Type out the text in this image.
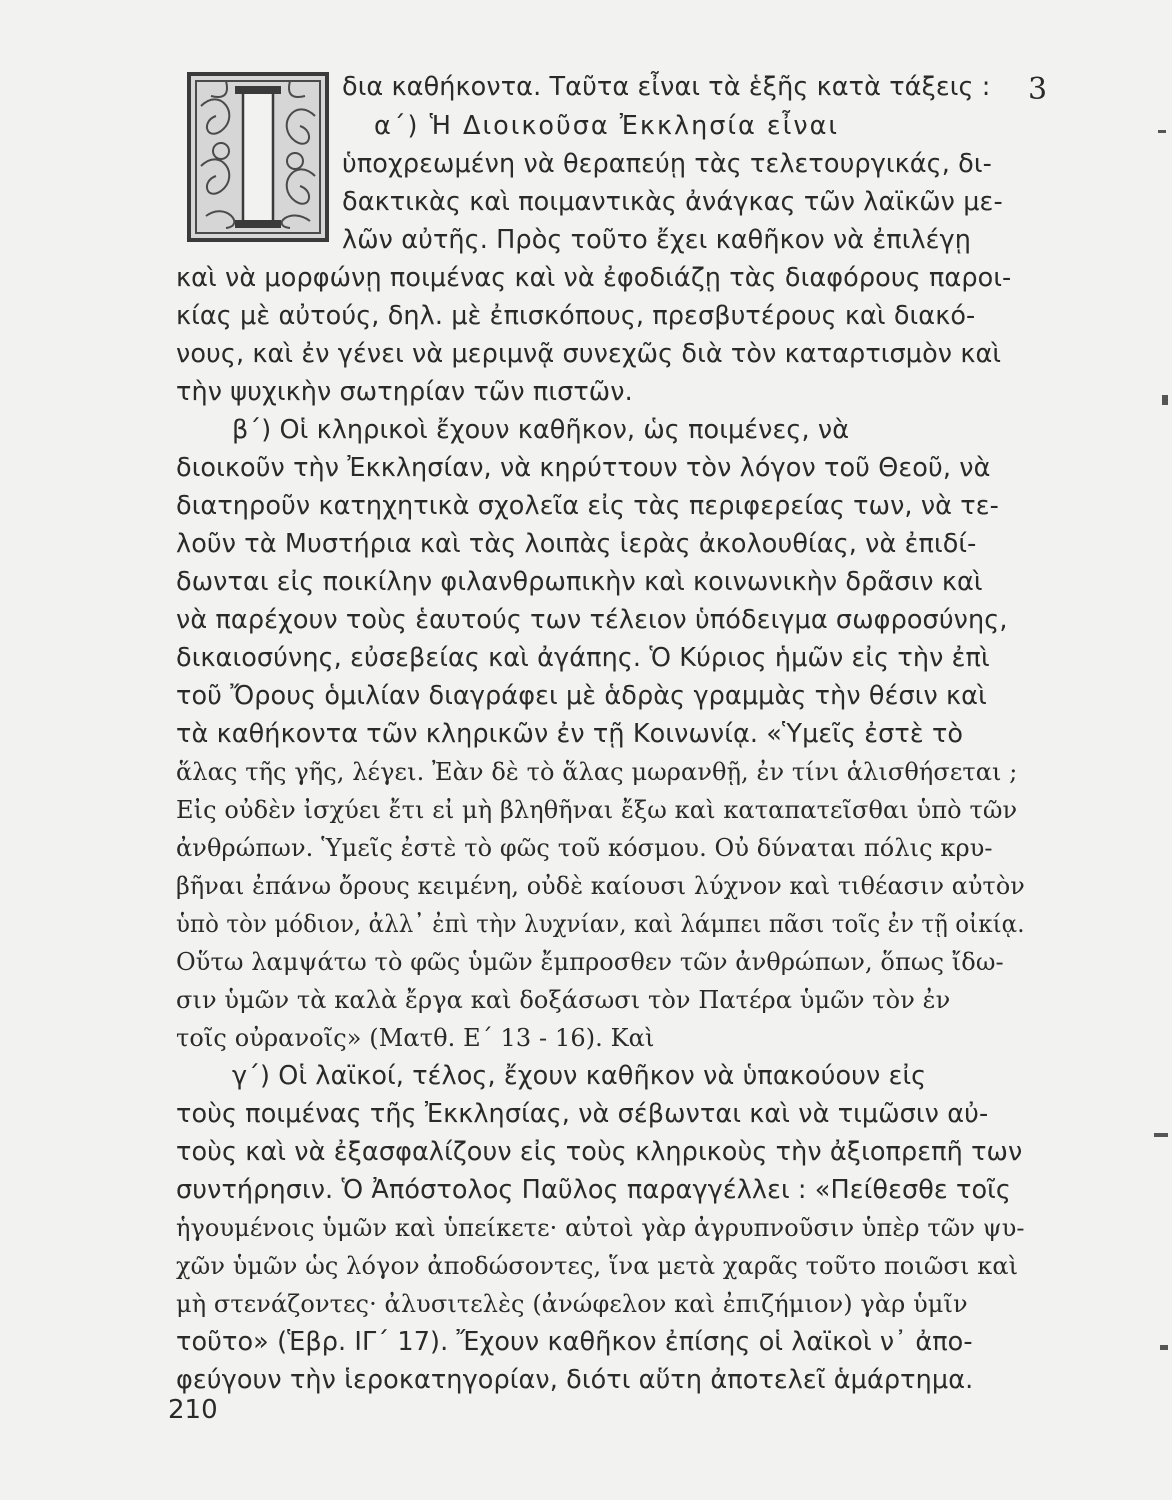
3
δια καθήκοντα. Ταῦτα εἶναι τὰ ἑξῆς κατὰ τάξεις :
α΄) Ἡ Διοικοῦσα Ἐκκλησία εἶναι
ὑποχρεωμένη νὰ θεραπεύῃ τὰς τελετουργικάς, δι-
δακτικὰς καὶ ποιμαντικὰς ἀνάγκας τῶν λαϊκῶν με-
λῶν αὐτῆς. Πρὸς τοῦτο ἔχει καθῆκον νὰ ἐπιλέγῃ
καὶ νὰ μορφώνῃ ποιμένας καὶ νὰ ἐφοδιάζῃ τὰς διαφόρους παροι-
κίας μὲ αὐτούς, δηλ. μὲ ἐπισκόπους, πρεσβυτέρους καὶ διακό-
νους, καὶ ἐν γένει νὰ μεριμνᾷ συνεχῶς διὰ τὸν καταρτισμὸν καὶ
τὴν ψυχικὴν σωτηρίαν τῶν πιστῶν.
β΄) Οἱ κληρικοὶ ἔχουν καθῆκον, ὡς ποιμένες, νὰ
διοικοῦν τὴν Ἐκκλησίαν, νὰ κηρύττουν τὸν λόγον τοῦ Θεοῦ, νὰ
διατηροῦν κατηχητικὰ σχολεῖα εἰς τὰς περιφερείας των, νὰ τε-
λοῦν τὰ Μυστήρια καὶ τὰς λοιπὰς ἱερὰς ἀκολουθίας, νὰ ἐπιδί-
δωνται εἰς ποικίλην φιλανθρωπικὴν καὶ κοινωνικὴν δρᾶσιν καὶ
νὰ παρέχουν τοὺς ἑαυτούς των τέλειον ὑπόδειγμα σωφροσύνης,
δικαιοσύνης, εὐσεβείας καὶ ἀγάπης. Ὁ Κύριος ἡμῶν εἰς τὴν ἐπὶ
τοῦ Ὄρους ὁμιλίαν διαγράφει μὲ ἁδρὰς γραμμὰς τὴν θέσιν καὶ
τὰ καθήκοντα τῶν κληρικῶν ἐν τῇ Κοινωνίᾳ. «Ὑμεῖς ἐστὲ τὸ
ἅλας τῆς γῆς, λέγει. Ἐὰν δὲ τὸ ἅλας μωρανθῇ, ἐν τίνι ἁλισθήσεται ;
Εἰς οὐδὲν ἰσχύει ἔτι εἰ μὴ βληθῆναι ἔξω καὶ καταπατεῖσθαι ὑπὸ τῶν
ἀνθρώπων. Ὑμεῖς ἐστὲ τὸ φῶς τοῦ κόσμου. Οὐ δύναται πόλις κρυ-
βῆναι ἐπάνω ὄρους κειμένη, οὐδὲ καίουσι λύχνον καὶ τιθέασιν αὐτὸν
ὑπὸ τὸν μόδιον, ἀλλ᾽ ἐπὶ τὴν λυχνίαν, καὶ λάμπει πᾶσι τοῖς ἐν τῇ οἰκίᾳ.
Οὕτω λαμψάτω τὸ φῶς ὑμῶν ἔμπροσθεν τῶν ἀνθρώπων, ὅπως ἴδω-
σιν ὑμῶν τὰ καλὰ ἔργα καὶ δοξάσωσι τὸν Πατέρα ὑμῶν τὸν ἐν
τοῖς οὐρανοῖς» (Ματθ. Ε΄ 13 - 16). Καὶ
γ΄) Οἱ λαϊκοί, τέλος, ἔχουν καθῆκον νὰ ὑπακούουν εἰς
τοὺς ποιμένας τῆς Ἐκκλησίας, νὰ σέβωνται καὶ νὰ τιμῶσιν αὐ-
τοὺς καὶ νὰ ἐξασφαλίζουν εἰς τοὺς κληρικοὺς τὴν ἀξιοπρεπῆ των
συντήρησιν. Ὁ Ἀπόστολος Παῦλος παραγγέλλει : «Πείθεσθε τοῖς
ἡγουμένοις ὑμῶν καὶ ὑπείκετε· αὐτοὶ γὰρ ἀγρυπνοῦσιν ὑπὲρ τῶν ψυ-
χῶν ὑμῶν ὡς λόγον ἀποδώσοντες, ἵνα μετὰ χαρᾶς τοῦτο ποιῶσι καὶ
μὴ στενάζοντες· ἀλυσιτελὲς (ἀνώφελον καὶ ἐπιζήμιον) γὰρ ὑμῖν
τοῦτο» (Ἑβρ. ΙΓ΄ 17). Ἔχουν καθῆκον ἐπίσης οἱ λαϊκοὶ ν᾽ ἀπο-
φεύγουν τὴν ἱεροκατηγορίαν, διότι αὕτη ἀποτελεῖ ἁμάρτημα.
210
